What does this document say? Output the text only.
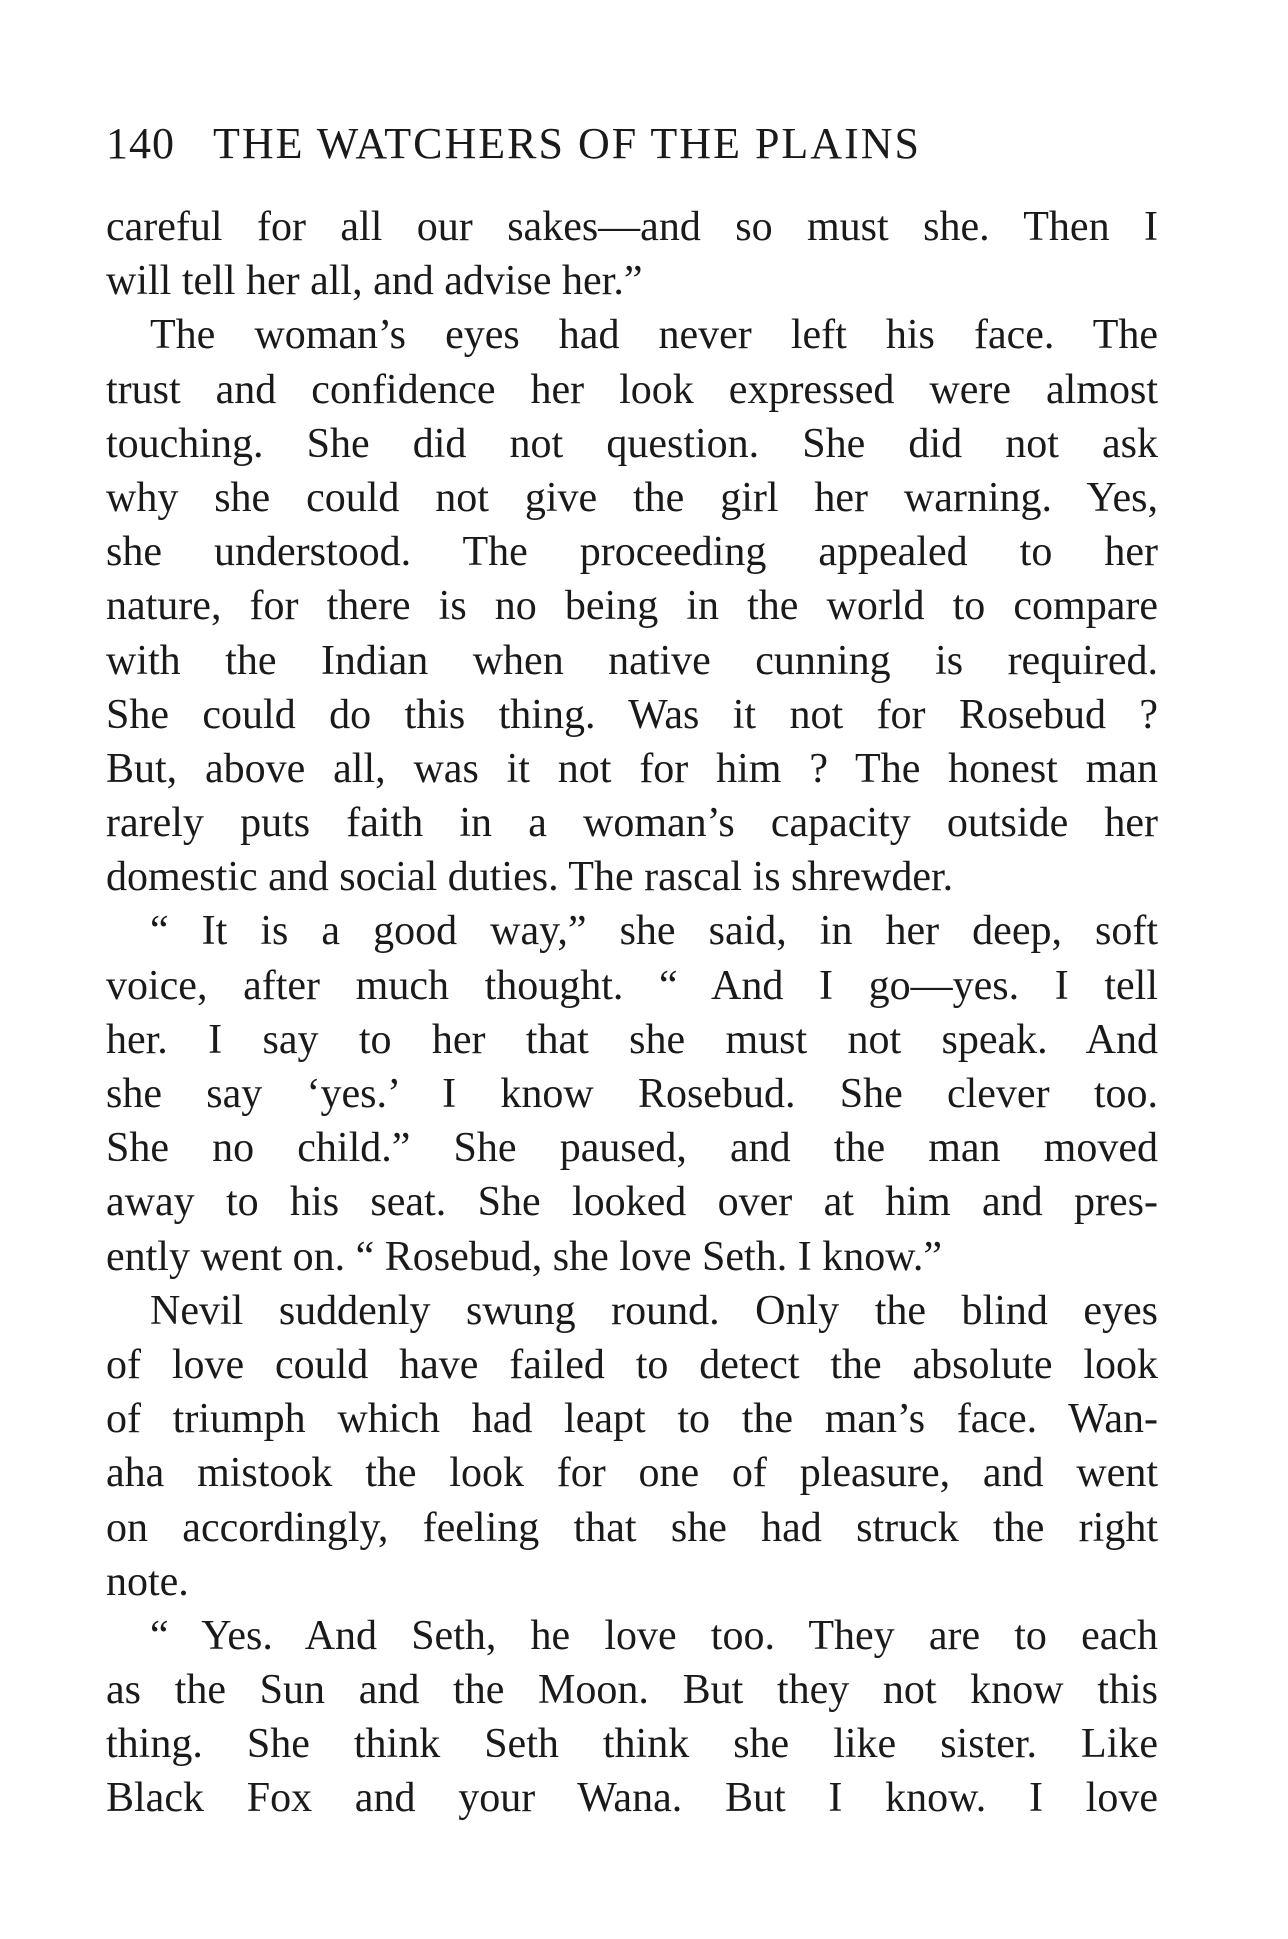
140 THE WATCHERS OF THE PLAINS
careful for all our sakes—and so must she. Then I
will tell her all, and advise her.”
The woman’s eyes had never left his face. The
trust and confidence her look expressed were almost
touching. She did not question. She did not ask
why she could not give the girl her warning. Yes,
she understood. The proceeding appealed to her
nature, for there is no being in the world to compare
with the Indian when native cunning is required.
She could do this thing. Was it not for Rosebud ?
But, above all, was it not for him ? The honest man
rarely puts faith in a woman’s capacity outside her
domestic and social duties. The rascal is shrewder.
“ It is a good way,” she said, in her deep, soft
voice, after much thought. “ And I go—yes. I tell
her. I say to her that she must not speak. And
she say ‘yes.’ I know Rosebud. She clever too.
She no child.” She paused, and the man moved
away to his seat. She looked over at him and pres-
ently went on. “ Rosebud, she love Seth. I know.”
Nevil suddenly swung round. Only the blind eyes
of love could have failed to detect the absolute look
of triumph which had leapt to the man’s face. Wan-
aha mistook the look for one of pleasure, and went
on accordingly, feeling that she had struck the right
note.
“ Yes. And Seth, he love too. They are to each
as the Sun and the Moon. But they not know this
thing. She think Seth think she like sister. Like
Black Fox and your Wana. But I know. I love
